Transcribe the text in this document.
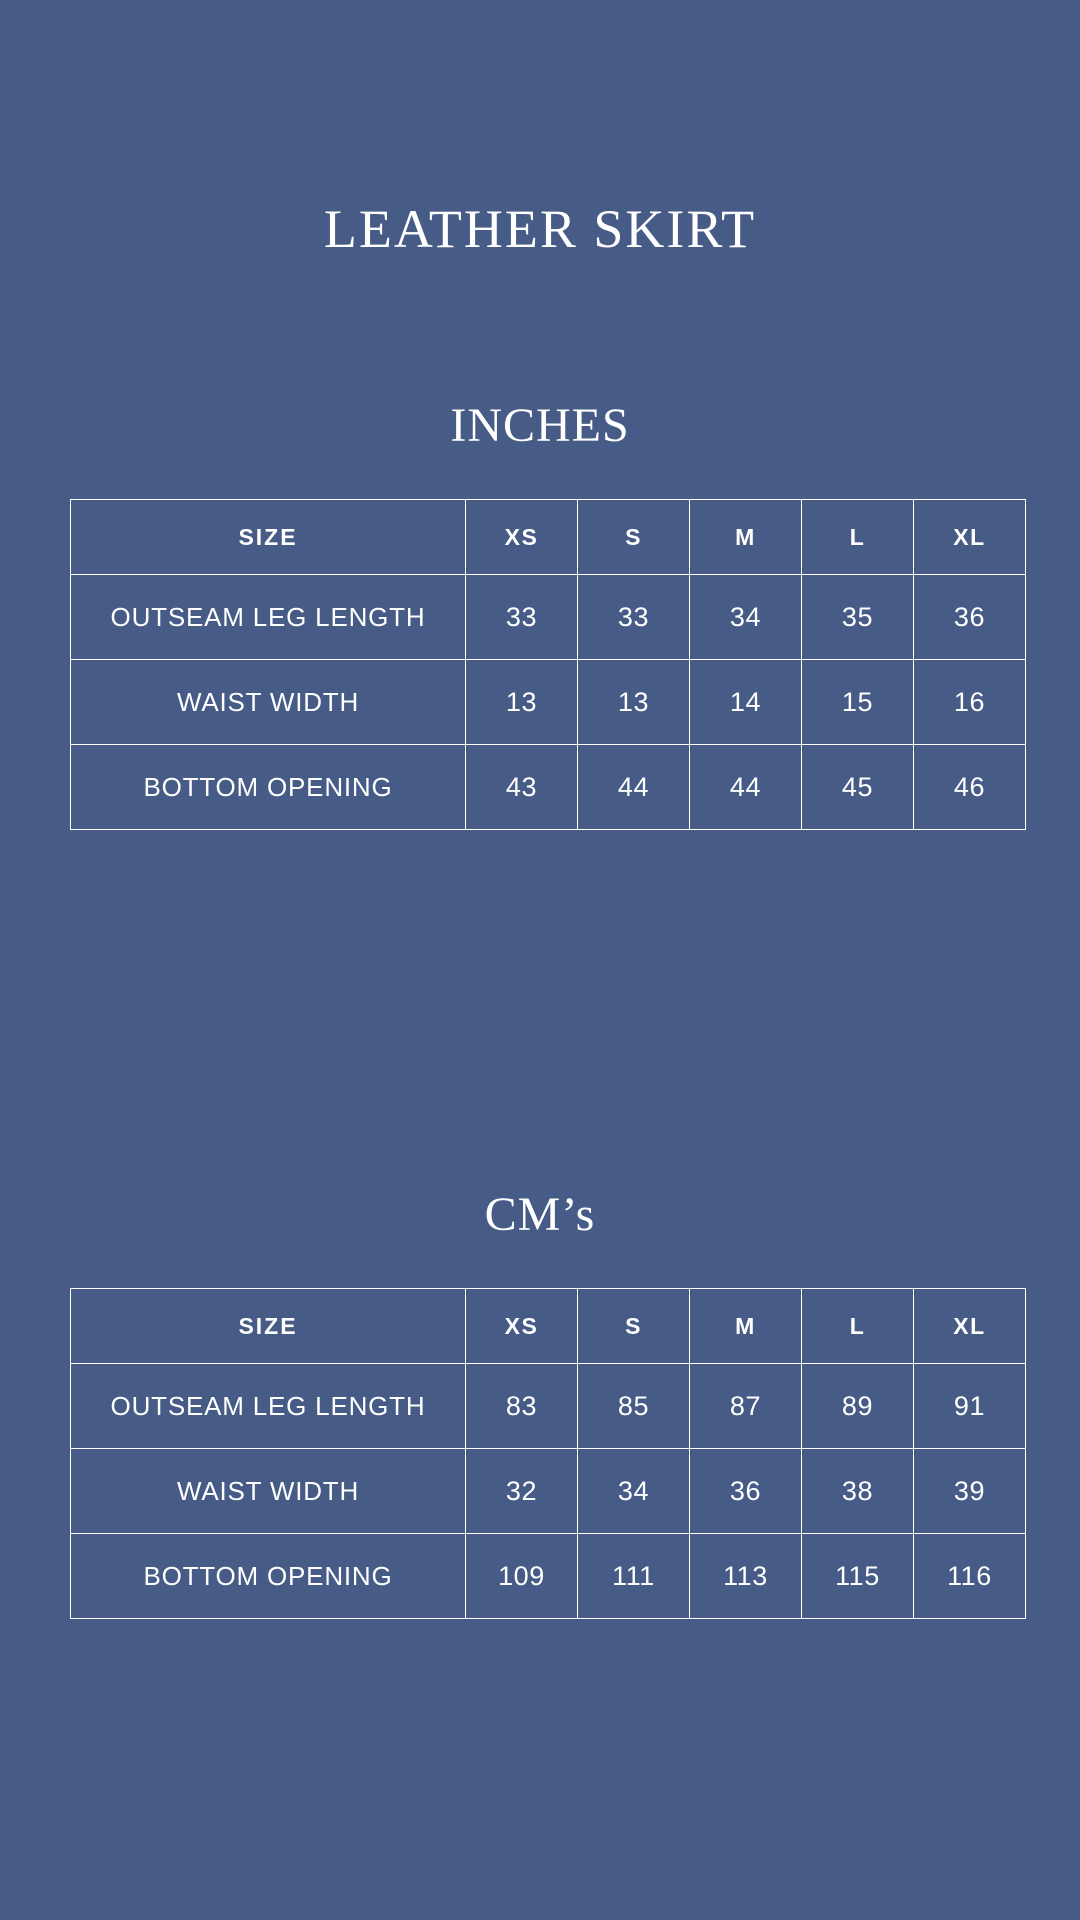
LEATHER SKIRT
INCHES
SIZE	XS	S	M	L	XL
OUTSEAM LEG LENGTH	33	33	34	35	36
WAIST WIDTH	13	13	14	15	16
BOTTOM OPENING	43	44	44	45	46
CM’s
SIZE	XS	S	M	L	XL
OUTSEAM LEG LENGTH	83	85	87	89	91
WAIST WIDTH	32	34	36	38	39
BOTTOM OPENING	109	111	113	115	116
